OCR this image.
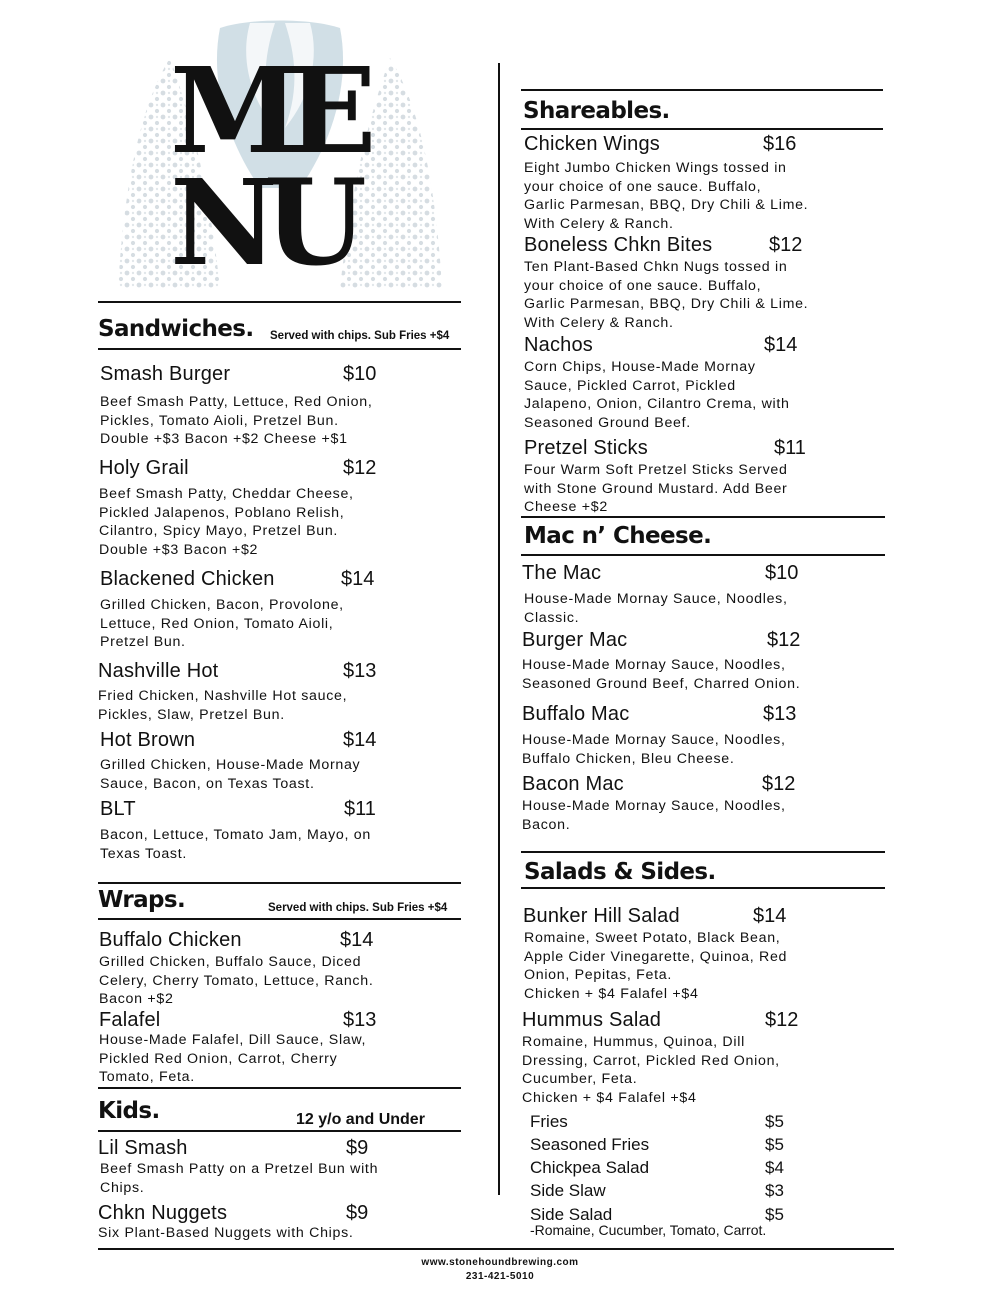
ME
NU
Sandwiches. Served with chips. Sub Fries +$4
Smash Burger	$10
Beef Smash Patty, Lettuce, Red Onion,
Pickles, Tomato Aioli, Pretzel Bun.
Double +$3 Bacon +$2 Cheese +$1
Holy Grail	$12
Beef Smash Patty, Cheddar Cheese,
Pickled Jalapenos, Poblano Relish,
Cilantro, Spicy Mayo, Pretzel Bun.
Double +$3 Bacon +$2
Blackened Chicken	$14
Grilled Chicken, Bacon, Provolone,
Lettuce, Red Onion, Tomato Aioli,
Pretzel Bun.
Nashville Hot	$13
Fried Chicken, Nashville Hot sauce,
Pickles, Slaw, Pretzel Bun.
Hot Brown	$14
Grilled Chicken, House-Made Mornay
Sauce, Bacon, on Texas Toast.
BLT	$11
Bacon, Lettuce, Tomato Jam, Mayo, on
Texas Toast.
Wraps.	Served with chips. Sub Fries +$4
Buffalo Chicken	$14
Grilled Chicken, Buffalo Sauce, Diced
Celery, Cherry Tomato, Lettuce, Ranch.
Bacon +$2
Falafel	$13
House-Made Falafel, Dill Sauce, Slaw,
Pickled Red Onion, Carrot, Cherry
Tomato, Feta.
Kids.	12 y/o and Under
Lil Smash	$9
Beef Smash Patty on a Pretzel Bun with
Chips.
Chkn Nuggets	$9
Six Plant-Based Nuggets with Chips.
Shareables.
Chicken Wings	$16
Eight Jumbo Chicken Wings tossed in
your choice of one sauce. Buffalo,
Garlic Parmesan, BBQ, Dry Chili & Lime.
With Celery & Ranch.
Boneless Chkn Bites	$12
Ten Plant-Based Chkn Nugs tossed in
your choice of one sauce. Buffalo,
Garlic Parmesan, BBQ, Dry Chili & Lime.
With Celery & Ranch.
Nachos	$14
Corn Chips, House-Made Mornay
Sauce, Pickled Carrot, Pickled
Jalapeno, Onion, Cilantro Crema, with
Seasoned Ground Beef.
Pretzel Sticks	$11
Four Warm Soft Pretzel Sticks Served
with Stone Ground Mustard. Add Beer
Cheese +$2
Mac n’ Cheese.
The Mac	$10
House-Made Mornay Sauce, Noodles,
Classic.
Burger Mac	$12
House-Made Mornay Sauce, Noodles,
Seasoned Ground Beef, Charred Onion.
Buffalo Mac	$13
House-Made Mornay Sauce, Noodles,
Buffalo Chicken, Bleu Cheese.
Bacon Mac	$12
House-Made Mornay Sauce, Noodles,
Bacon.
Salads & Sides.
Bunker Hill Salad	$14
Romaine, Sweet Potato, Black Bean,
Apple Cider Vinegarette, Quinoa, Red
Onion, Pepitas, Feta.
Chicken + $4 Falafel +$4
Hummus Salad	$12
Romaine, Hummus, Quinoa, Dill
Dressing, Carrot, Pickled Red Onion,
Cucumber, Feta.
Chicken + $4 Falafel +$4
Fries	$5
Seasoned Fries	$5
Chickpea Salad	$4
Side Slaw	$3
Side Salad	$5
-Romaine, Cucumber, Tomato, Carrot.
www.stonehoundbrewing.com
231-421-5010
